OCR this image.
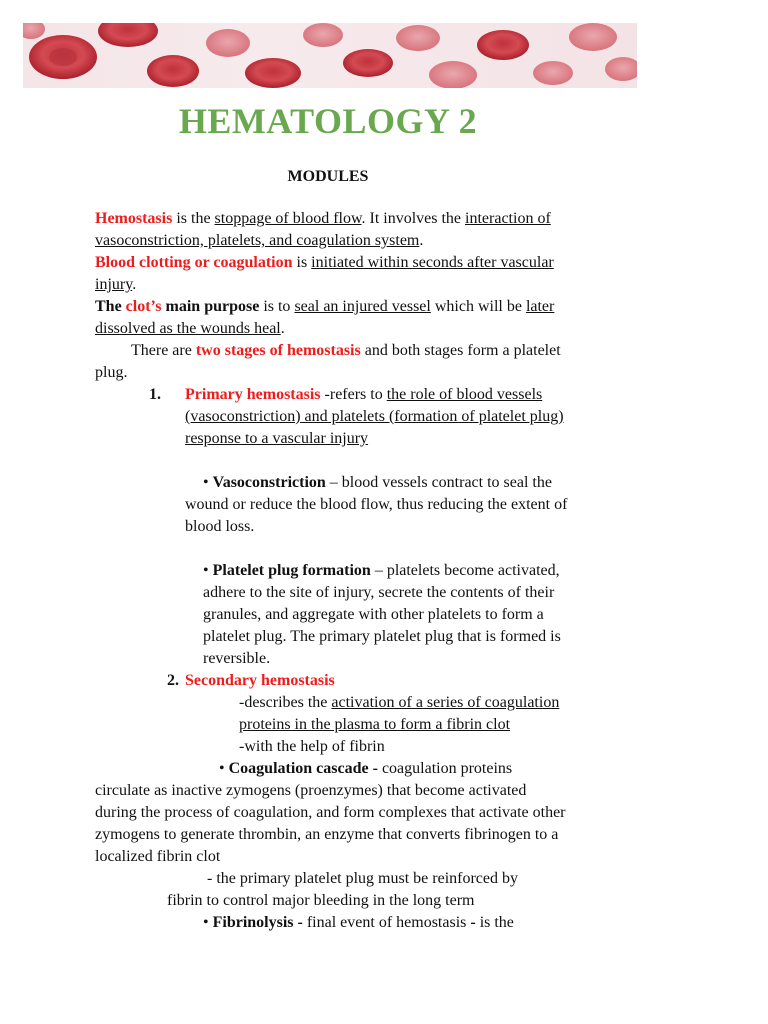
HEMATOLOGY 2
MODULES

Hemostasis is the stoppage of blood flow. It involves the interaction of vasoconstriction, platelets, and coagulation system.

Blood clotting or coagulation is initiated within seconds after vascular injury.

The clot’s main purpose is to seal an injured vessel which will be later dissolved as the wounds heal.

There are two stages of hemostasis and both stages form a platelet plug.

1. Primary hemostasis -refers to the role of blood vessels (vasoconstriction) and platelets (formation of platelet plug) response to a vascular injury

• Vasoconstriction – blood vessels contract to seal the wound or reduce the blood flow, thus reducing the extent of blood loss.

• Platelet plug formation – platelets become activated, adhere to the site of injury, secrete the contents of their granules, and aggregate with other platelets to form a platelet plug. The primary platelet plug that is formed is reversible.

2. Secondary hemostasis

-describes the activation of a series of coagulation proteins in the plasma to form a fibrin clot

-with the help of fibrin

• Coagulation cascade - coagulation proteins circulate as inactive zymogens (proenzymes) that become activated during the process of coagulation, and form complexes that activate other zymogens to generate thrombin, an enzyme that converts fibrinogen to a localized fibrin clot

- the primary platelet plug must be reinforced by

fibrin to control major bleeding in the long term

• Fibrinolysis - final event of hemostasis - is the
